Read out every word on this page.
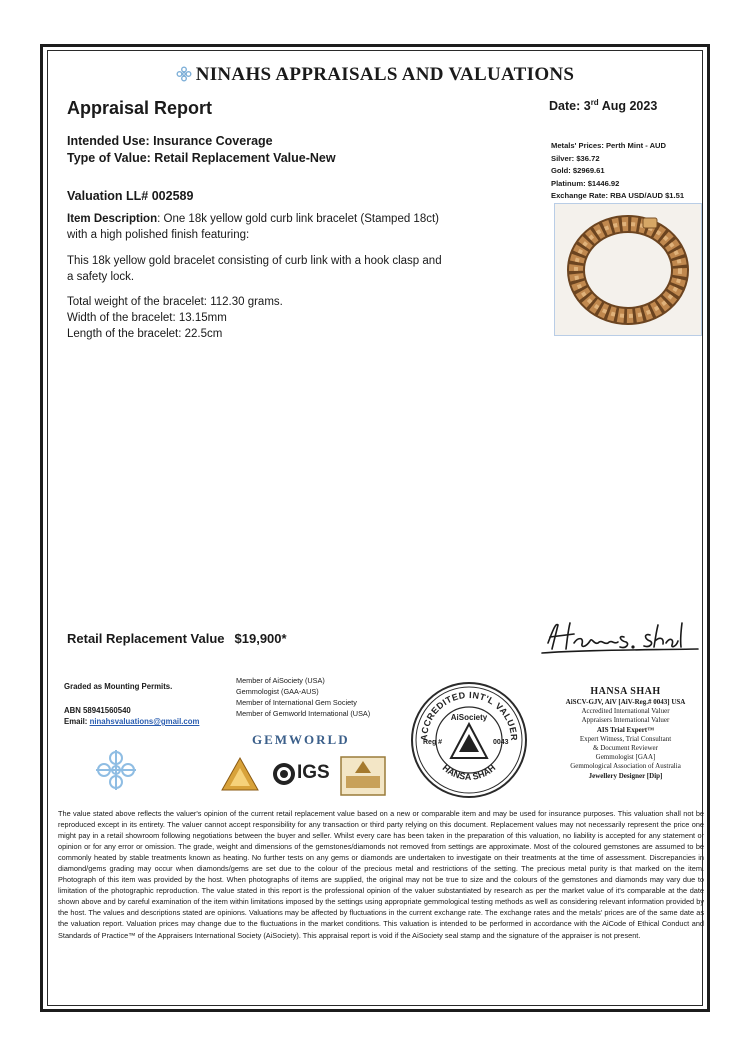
NINAHS APPRAISALS AND VALUATIONS
Appraisal Report	Date: 3rd Aug 2023
Intended Use: Insurance Coverage
Type of Value: Retail Replacement Value-New
Valuation LL# 002589
Item Description: One 18k yellow gold curb link bracelet (Stamped 18ct) with a high polished finish featuring:
This 18k yellow gold bracelet consisting of curb link with a hook clasp and a safety lock.
Total weight of the bracelet: 112.30 grams.
Width of the bracelet: 13.15mm
Length of the bracelet: 22.5cm
Metals' Prices: Perth Mint - AUD
Silver: $36.72
Gold: $2969.61
Platinum: $1446.92
Exchange Rate: RBA USD/AUD $1.51
Retail Replacement Value $19,900*
Graded as Mounting Permits.
ABN 58941560540
Email: ninahsvaluations@gmail.com
Member of AiSociety (USA)
Gemmologist (GAA-AUS)
Member of International Gem Society
Member of Gemworld International (USA)
GEMWORLD
IGS
ACCREDITED INT'L VALUER
HANSA SHAH
AiSociety
Reg #	0043
HANSA SHAH
AiSCV-GJV, AiV [AiV-Reg.# 0043] USA
Accredited International Valuer
Appraisers International Valuer
AIS Trial Expert™
Expert Witness, Trial Consultant
& Document Reviewer
Gemmologist [GAA]
Gemmological Association of Australia
Jewellery Designer [Dip]
The value stated above reflects the valuer's opinion of the current retail replacement value based on a new or comparable item and may be used for insurance purposes. This valuation shall not be reproduced except in its entirety. The valuer cannot accept responsibility for any transaction or third party relying on this document. Replacement values may not necessarily represent the price one might pay in a retail showroom following negotiations between the buyer and seller. Whilst every care has been taken in the preparation of this valuation, no liability is accepted for any statement or opinion or for any error or omission. The grade, weight and dimensions of the gemstones/diamonds not removed from settings are approximate. Most of the coloured gemstones are assumed to be commonly heated by stable treatments known as heating. No further tests on any gems or diamonds are undertaken to investigate on their treatments at the time of assessment. Discrepancies in diamond/gems grading may occur when diamonds/gems are set due to the colour of the precious metal and restrictions of the setting. The precious metal purity is that marked on the item. Photograph of this item was provided by the host. When photographs of items are supplied, the original may not be true to size and the colours of the gemstones and diamonds may vary due to limitation of the photographic reproduction. The value stated in this report is the professional opinion of the valuer substantiated by research as per the market value of it's comparable at the date shown above and by careful examination of the item within limitations imposed by the settings using appropriate gemmological testing methods as well as considering relevant information provided by the host. The values and descriptions stated are opinions. Valuations may be affected by fluctuations in the current exchange rate. The exchange rates and the metals' prices are of the same date as the valuation report. Valuation prices may change due to the fluctuations in the market conditions. This valuation is intended to be performed in accordance with the AiCode of Ethical Conduct and Standards of Practice™ of the Appraisers International Society (AiSociety). This appraisal report is void if the AiSociety seal stamp and the signature of the appraiser is not present.
